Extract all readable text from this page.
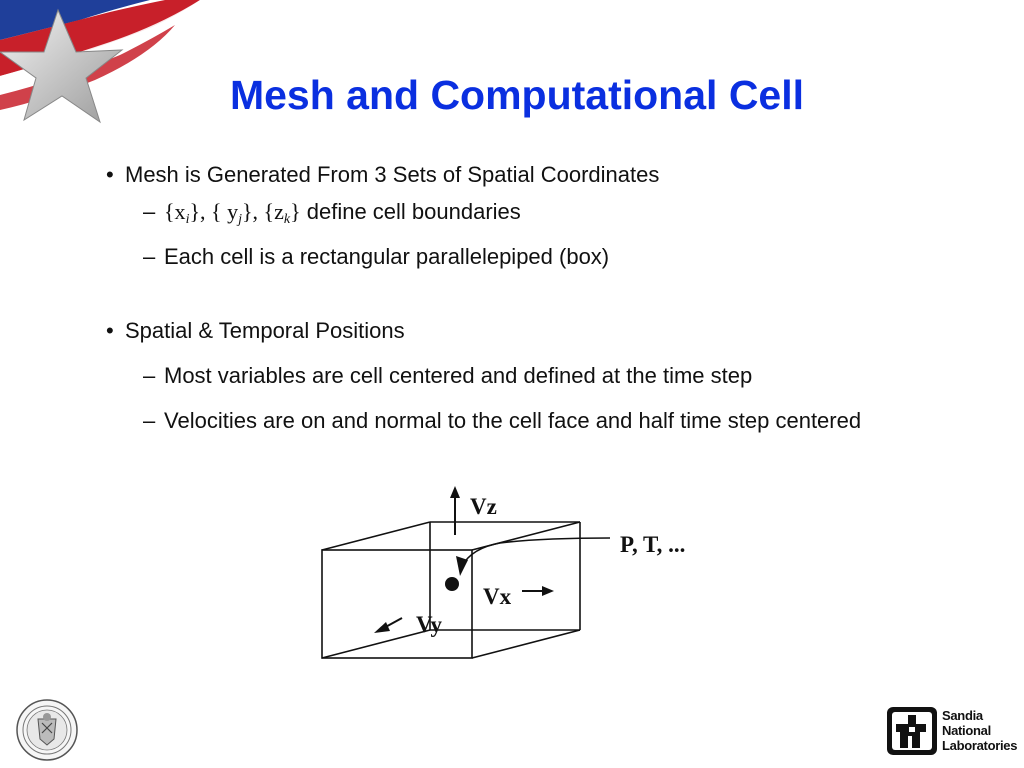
Mesh and Computational Cell
• Mesh is Generated From 3 Sets of Spatial Coordinates
– $\{x_i\}$, { $y_j$}, $\{z_k\}$ define cell boundaries
– Each cell is a rectangular parallelepiped (box)
• Spatial & Temporal Positions
– Most variables are cell centered and defined at the time step
– Velocities are on and normal to the cell face and half time step centered
Vz
Vx
Vy
P, T, ...
Sandia
National
Laboratories
